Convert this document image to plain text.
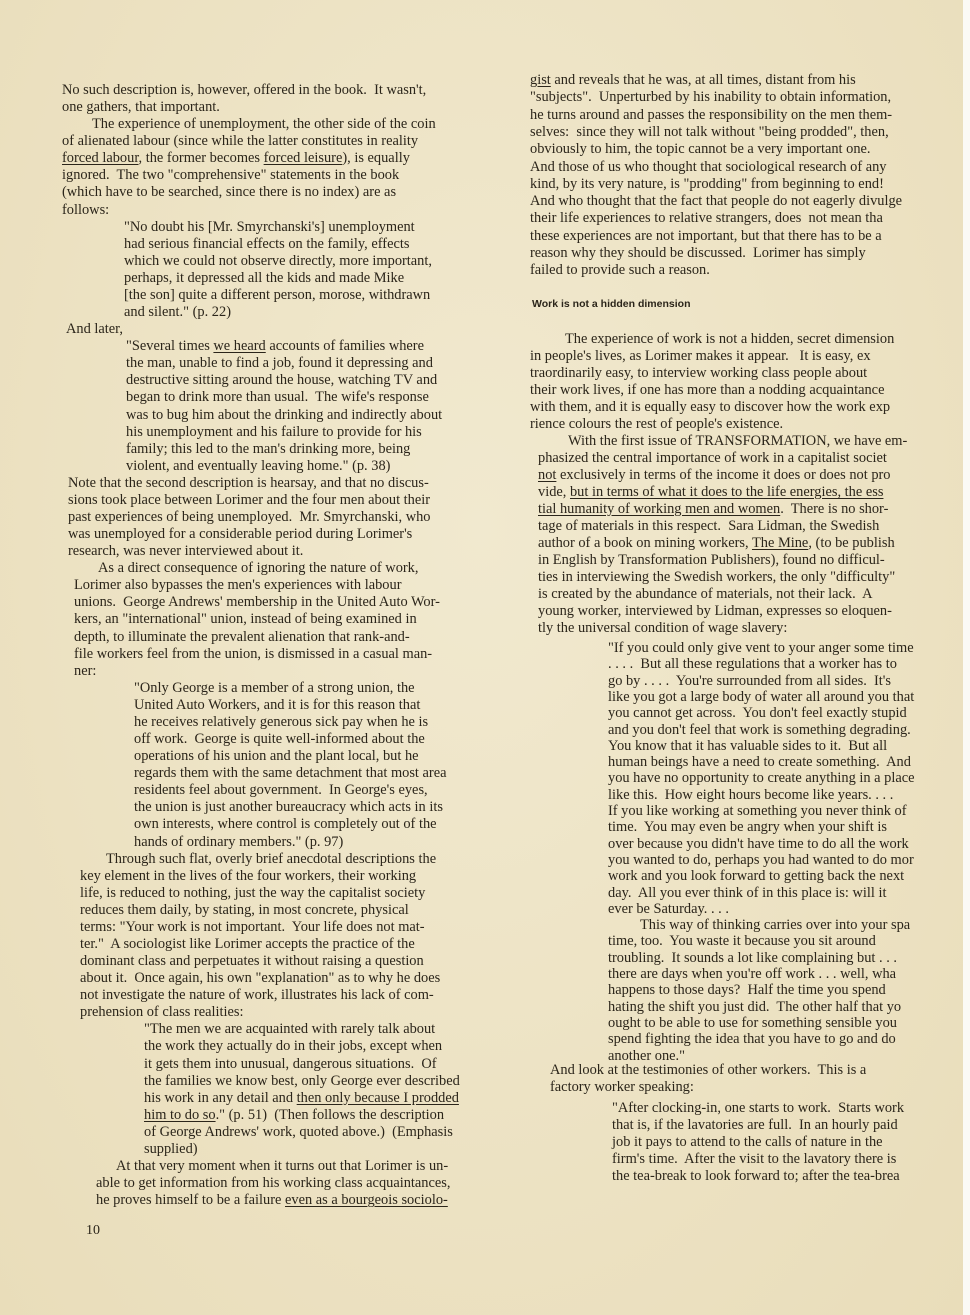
No such description is, however, offered in the book.  It wasn't,
one gathers, that important.
The experience of unemployment, the other side of the coin
of alienated labour (since while the latter constitutes in reality
forced labour, the former becomes forced leisure), is equally
ignored.  The two "comprehensive" statements in the book
(which have to be searched, since there is no index) are as
follows:
"No doubt his [Mr. Smyrchanski's] unemployment
had serious financial effects on the family, effects
which we could not observe directly, more important,
perhaps, it depressed all the kids and made Mike
[the son] quite a different person, morose, withdrawn
and silent." (p. 22)
And later,
"Several times we heard accounts of families where
the man, unable to find a job, found it depressing and
destructive sitting around the house, watching TV and
began to drink more than usual.  The wife's response
was to bug him about the drinking and indirectly about
his unemployment and his failure to provide for his
family; this led to the man's drinking more, being
violent, and eventually leaving home." (p. 38)
Note that the second description is hearsay, and that no discus-
sions took place between Lorimer and the four men about their
past experiences of being unemployed.  Mr. Smyrchanski, who
was unemployed for a considerable period during Lorimer's
research, was never interviewed about it.
As a direct consequence of ignoring the nature of work,
Lorimer also bypasses the men's experiences with labour
unions.  George Andrews' membership in the United Auto Wor-
kers, an "international" union, instead of being examined in
depth, to illuminate the prevalent alienation that rank-and-
file workers feel from the union, is dismissed in a casual man-
ner:
"Only George is a member of a strong union, the
United Auto Workers, and it is for this reason that
he receives relatively generous sick pay when he is
off work.  George is quite well-informed about the
operations of his union and the plant local, but he
regards them with the same detachment that most area
residents feel about government.  In George's eyes,
the union is just another bureaucracy which acts in its
own interests, where control is completely out of the
hands of ordinary members." (p. 97)
Through such flat, overly brief anecdotal descriptions the
key element in the lives of the four workers, their working
life, is reduced to nothing, just the way the capitalist society
reduces them daily, by stating, in most concrete, physical
terms: "Your work is not important.  Your life does not mat-
ter."  A sociologist like Lorimer accepts the practice of the
dominant class and perpetuates it without raising a question
about it.  Once again, his own "explanation" as to why he does
not investigate the nature of work, illustrates his lack of com-
prehension of class realities:
"The men we are acquainted with rarely talk about
the work they actually do in their jobs, except when
it gets them into unusual, dangerous situations.  Of
the families we know best, only George ever described
his work in any detail and then only because I prodded
him to do so." (p. 51)  (Then follows the description
of George Andrews' work, quoted above.)  (Emphasis
supplied)
At that very moment when it turns out that Lorimer is un-
able to get information from his working class acquaintances,
he proves himself to be a failure even as a bourgeois sociolo-
Work is not a hidden dimension
gist and reveals that he was, at all times, distant from his
"subjects".  Unperturbed by his inability to obtain information,
he turns around and passes the responsibility on the men them-
selves:  since they will not talk without "being prodded", then,
obviously to him, the topic cannot be a very important one.
And those of us who thought that sociological research of any
kind, by its very nature, is "prodding" from beginning to end!
And who thought that the fact that people do not eagerly divulge
their life experiences to relative strangers, does  not mean tha
these experiences are not important, but that there has to be a
reason why they should be discussed.  Lorimer has simply
failed to provide such a reason.
The experience of work is not a hidden, secret dimension
in people's lives, as Lorimer makes it appear.   It is easy, ex
traordinarily easy, to interview working class people about
their work lives, if one has more than a nodding acquaintance
with them, and it is equally easy to discover how the work exp
rience colours the rest of people's existence.
With the first issue of TRANSFORMATION, we have em-
phasized the central importance of work in a capitalist societ
not exclusively in terms of the income it does or does not pro
vide, but in terms of what it does to the life energies, the ess
tial humanity of working men and women.  There is no shor-
tage of materials in this respect.  Sara Lidman, the Swedish
author of a book on mining workers, The Mine, (to be publish
in English by Transformation Publishers), found no difficul-
ties in interviewing the Swedish workers, the only "difficulty"
is created by the abundance of materials, not their lack.  A
young worker, interviewed by Lidman, expresses so eloquen-
tly the universal condition of wage slavery:
"If you could only give vent to your anger some time
. . . .  But all these regulations that a worker has to
go by . . . .  You're surrounded from all sides.  It's
like you got a large body of water all around you that
you cannot get across.  You don't feel exactly stupid
and you don't feel that work is something degrading.
You know that it has valuable sides to it.  But all
human beings have a need to create something.  And
you have no opportunity to create anything in a place
like this.  How eight hours become like years. . . .
If you like working at something you never think of
time.  You may even be angry when your shift is
over because you didn't have time to do all the work
you wanted to do, perhaps you had wanted to do mor
work and you look forward to getting back the next
day.  All you ever think of in this place is: will it
ever be Saturday. . . .
This way of thinking carries over into your spa
time, too.  You waste it because you sit around
troubling.  It sounds a lot like complaining but . . .
there are days when you're off work . . . well, wha
happens to those days?  Half the time you spend
hating the shift you just did.  The other half that yo
ought to be able to use for something sensible you
spend fighting the idea that you have to go and do
another one."
And look at the testimonies of other workers.  This is a
factory worker speaking:
"After clocking-in, one starts to work.  Starts work
that is, if the lavatories are full.  In an hourly paid
job it pays to attend to the calls of nature in the
firm's time.  After the visit to the lavatory there is
the tea-break to look forward to; after the tea-brea
10
